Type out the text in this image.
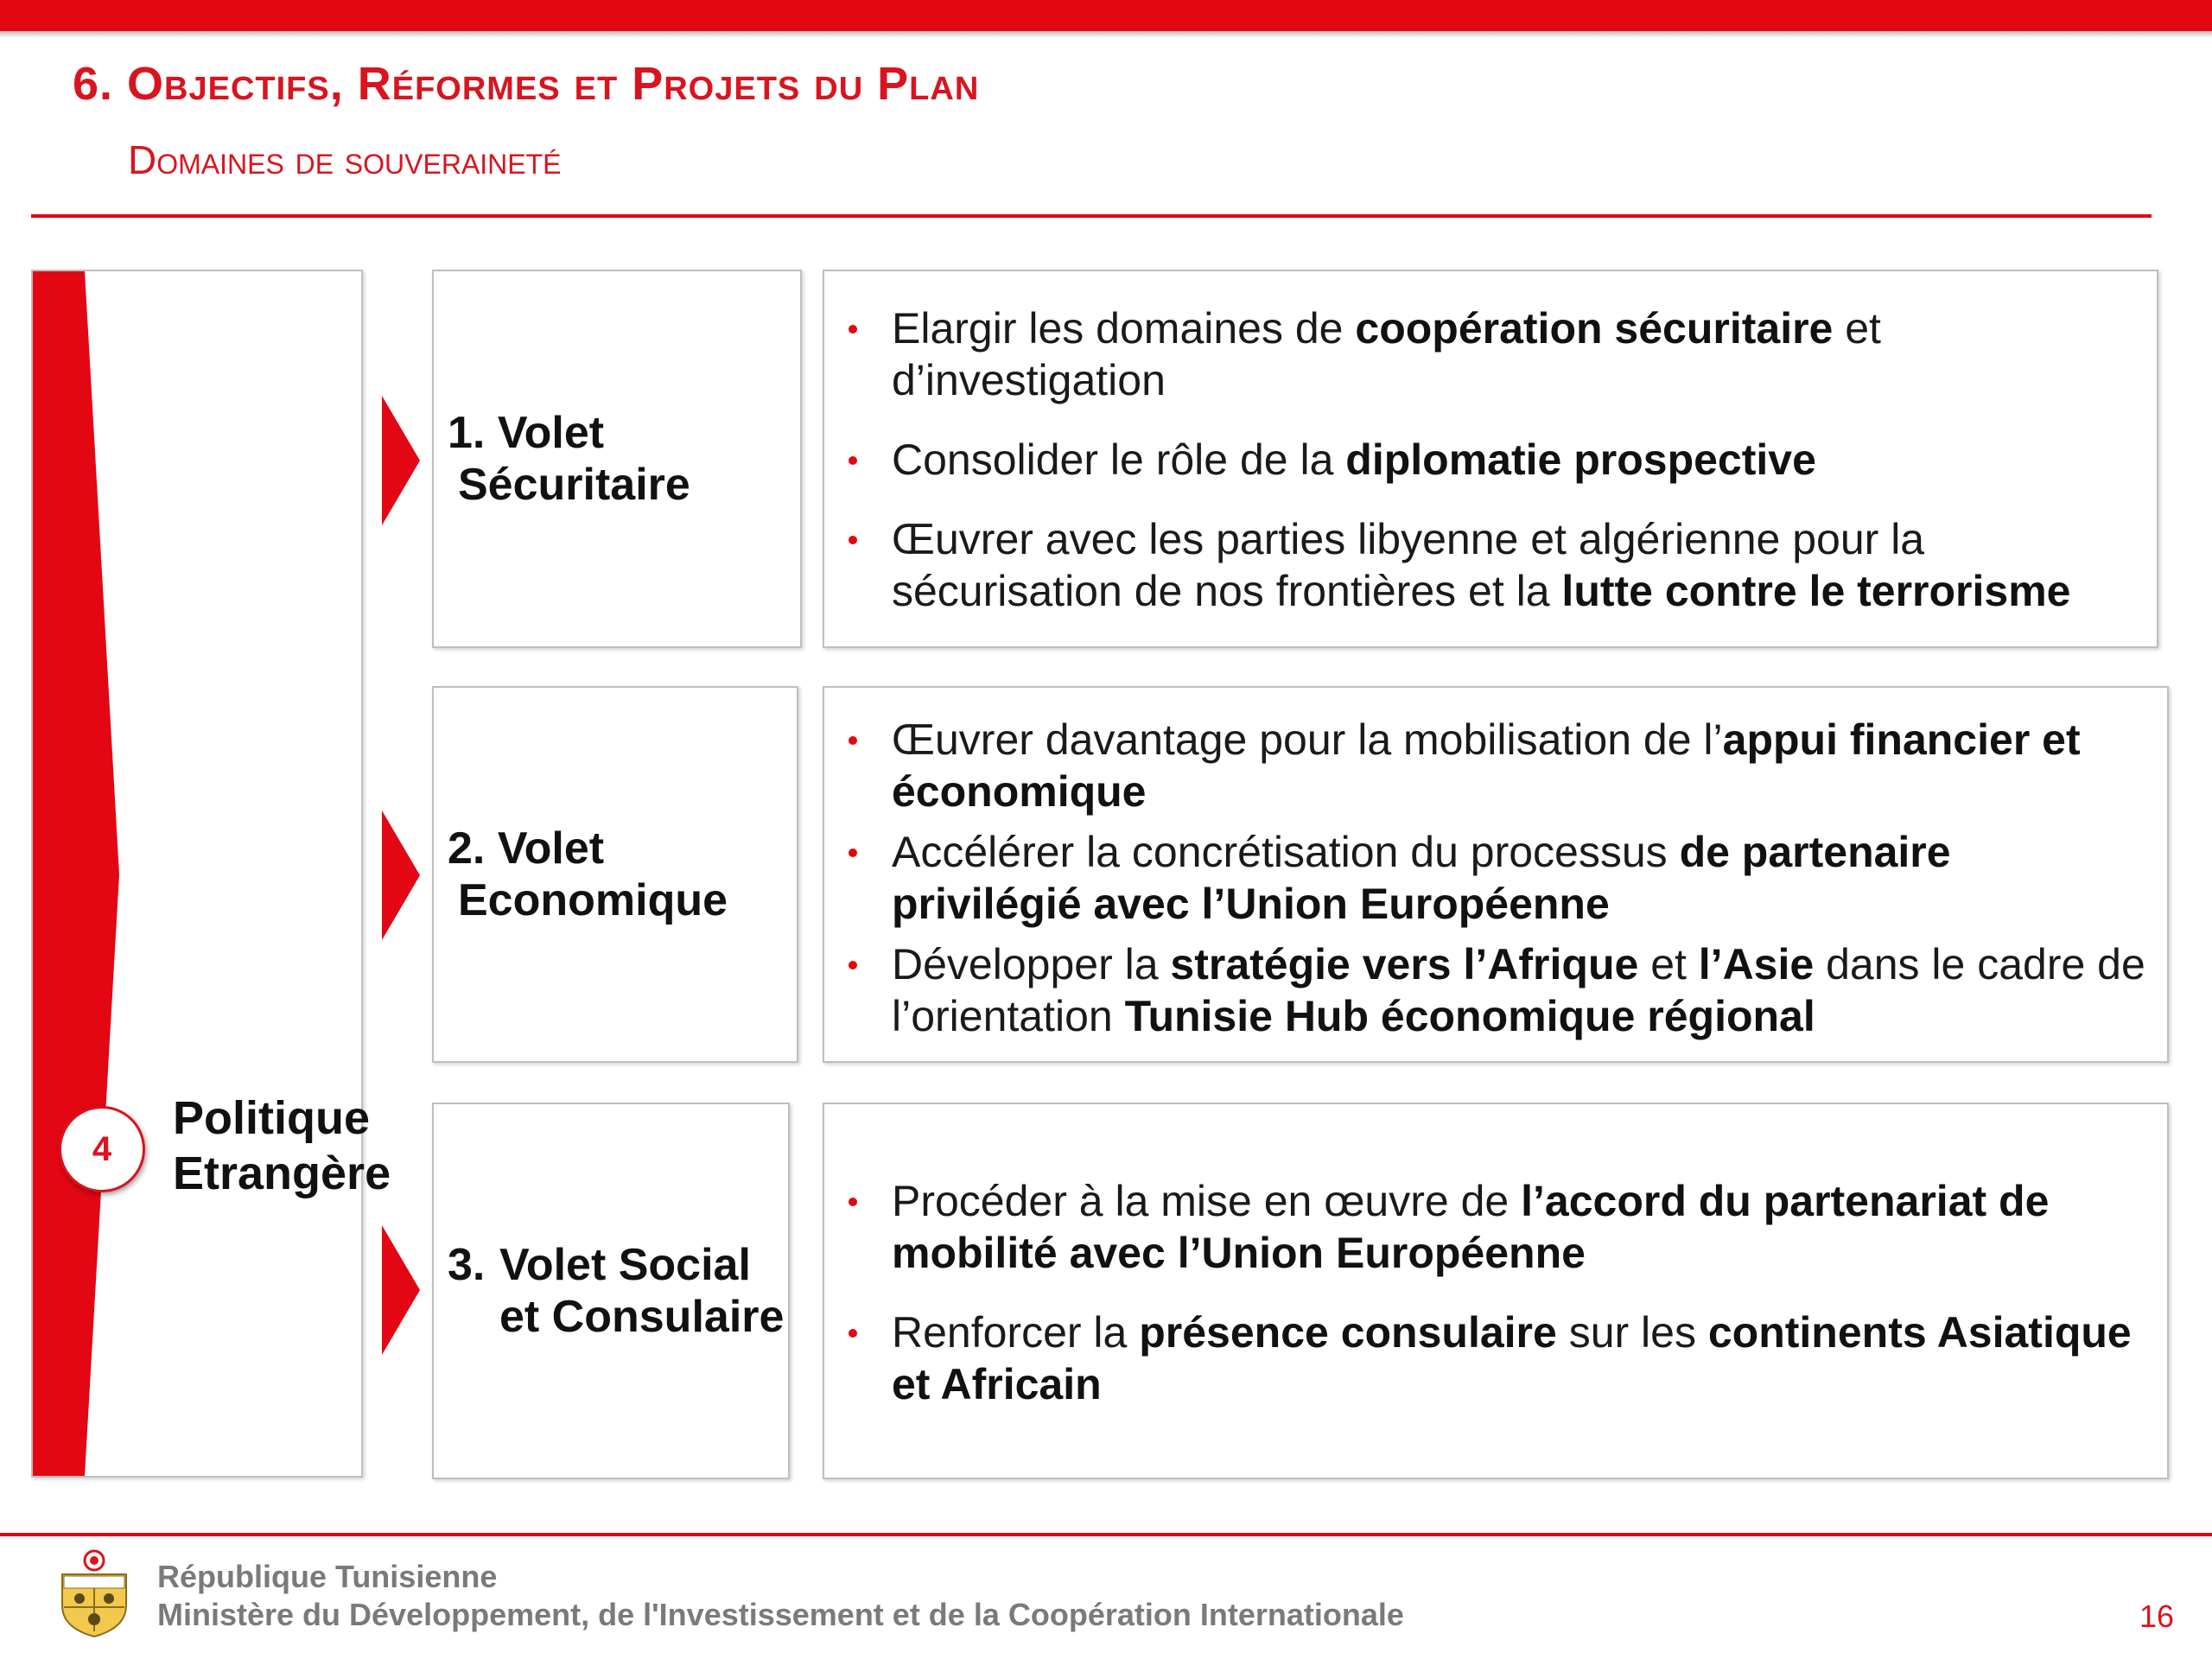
6. Objectifs, Réformes et Projets du Plan
Domaines de souveraineté
4
Politique
Etrangère
1. Volet
Sécuritaire
Elargir les domaines de coopération sécuritaire et d’investigation
Consolider le rôle de la diplomatie prospective
Œuvrer avec les parties libyenne et algérienne pour la sécurisation de nos frontières et la lutte contre le terrorisme
2. Volet
Economique
Œuvrer davantage pour la mobilisation de l’appui financier et économique
Accélérer la concrétisation du processus de partenaire privilégié avec l’Union Européenne
Développer la stratégie vers l’Afrique et l’Asie dans le cadre de l’orientation Tunisie Hub économique régional
3. Volet Social
et Consulaire
Procéder à la mise en œuvre de l’accord du partenariat de mobilité avec l’Union Européenne
Renforcer la présence consulaire sur les continents Asiatique et Africain
République Tunisienne
Ministère du Développement, de l'Investissement et de la Coopération Internationale	16
